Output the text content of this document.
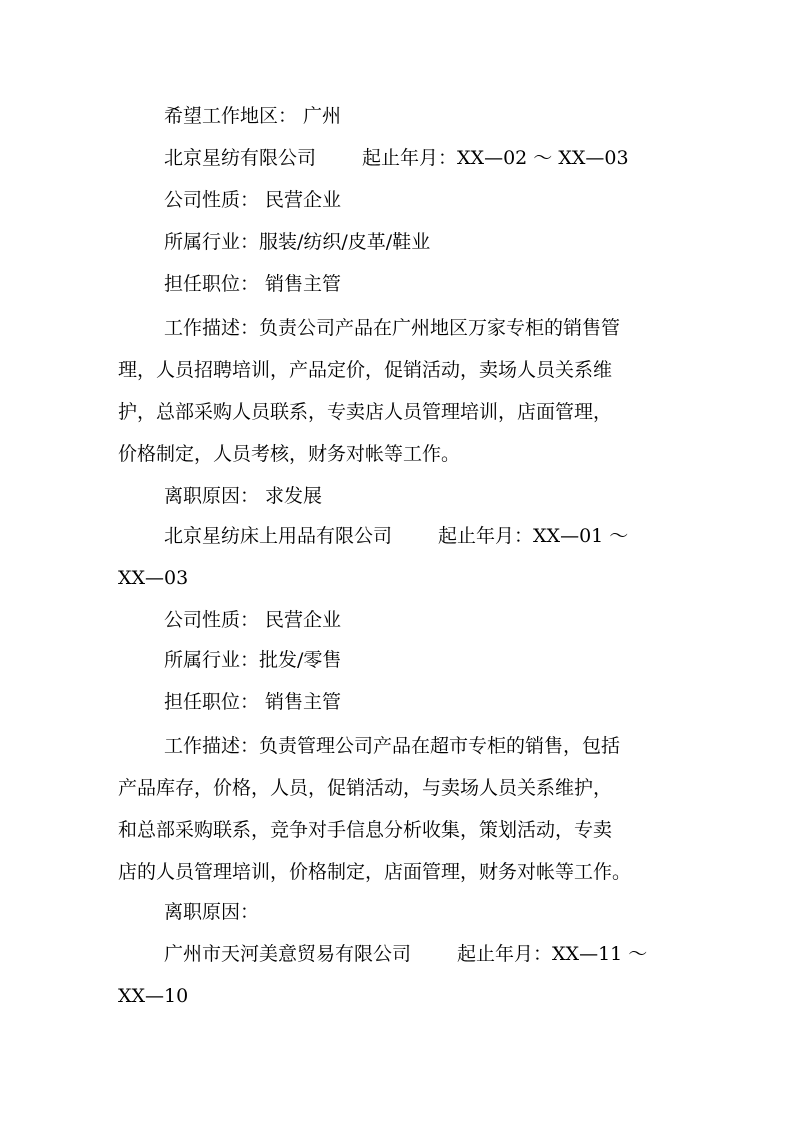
希望工作地区： 广州
北京星纺有限公司 起止年月：XX—02 ～ XX—03
公司性质： 民营企业
所属行业：服装/纺织/皮革/鞋业
担任职位： 销售主管
工作描述：负责公司产品在广州地区万家专柜的销售管
理，人员招聘培训，产品定价，促销活动，卖场人员关系维
护，总部采购人员联系，专卖店人员管理培训，店面管理，
价格制定，人员考核，财务对帐等工作。
离职原因： 求发展
北京星纺床上用品有限公司 起止年月：XX—01 ～
XX—03
公司性质： 民营企业
所属行业：批发/零售
担任职位： 销售主管
工作描述：负责管理公司产品在超市专柜的销售，包括
产品库存，价格，人员，促销活动，与卖场人员关系维护，
和总部采购联系，竞争对手信息分析收集，策划活动，专卖
店的人员管理培训，价格制定，店面管理，财务对帐等工作。
离职原因：
广州市天河美意贸易有限公司 起止年月：XX—11 ～
XX—10
